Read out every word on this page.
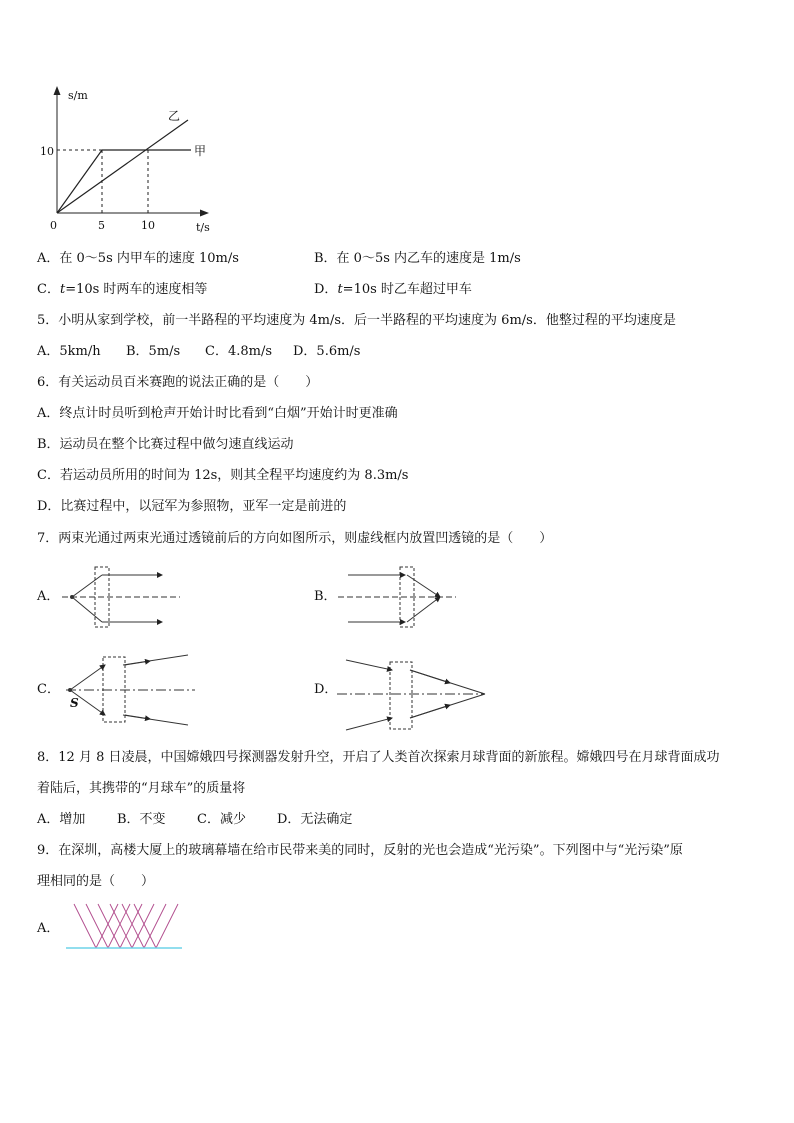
s/m
t/s
10
0	5	10
甲
乙
A．在 0～5s 内甲车的速度 10m/s	B．在 0～5s 内乙车的速度是 1m/s
C．t=10s 时两车的速度相等	D．t=10s 时乙车超过甲车
5．小明从家到学校，前一半路程的平均速度为 4m/s．后一半路程的平均速度为 6m/s．他整过程的平均速度是
A．5km/h B．5m/s C．4.8m/s D．5.6m/s
6．有关运动员百米赛跑的说法正确的是（　　）
A．终点计时员听到枪声开始计时比看到“白烟”开始计时更准确
B．运动员在整个比赛过程中做匀速直线运动
C．若运动员所用的时间为 12s，则其全程平均速度约为 8.3m/s
D．比赛过程中，以冠军为参照物，亚军一定是前进的
7．两束光通过两束光通过透镜前后的方向如图所示，则虚线框内放置凹透镜的是（　　）
A．	B．
C．	D．
S
8．12 月 8 日凌晨，中国嫦娥四号探测器发射升空，开启了人类首次探索月球背面的新旅程。嫦娥四号在月球背面成功
着陆后，其携带的“月球车”的质量将
A．增加 B．不变 C．减少 D．无法确定
9．在深圳，高楼大厦上的玻璃幕墙在给市民带来美的同时，反射的光也会造成“光污染”。下列图中与“光污染”原
理相同的是（　　）
A．
